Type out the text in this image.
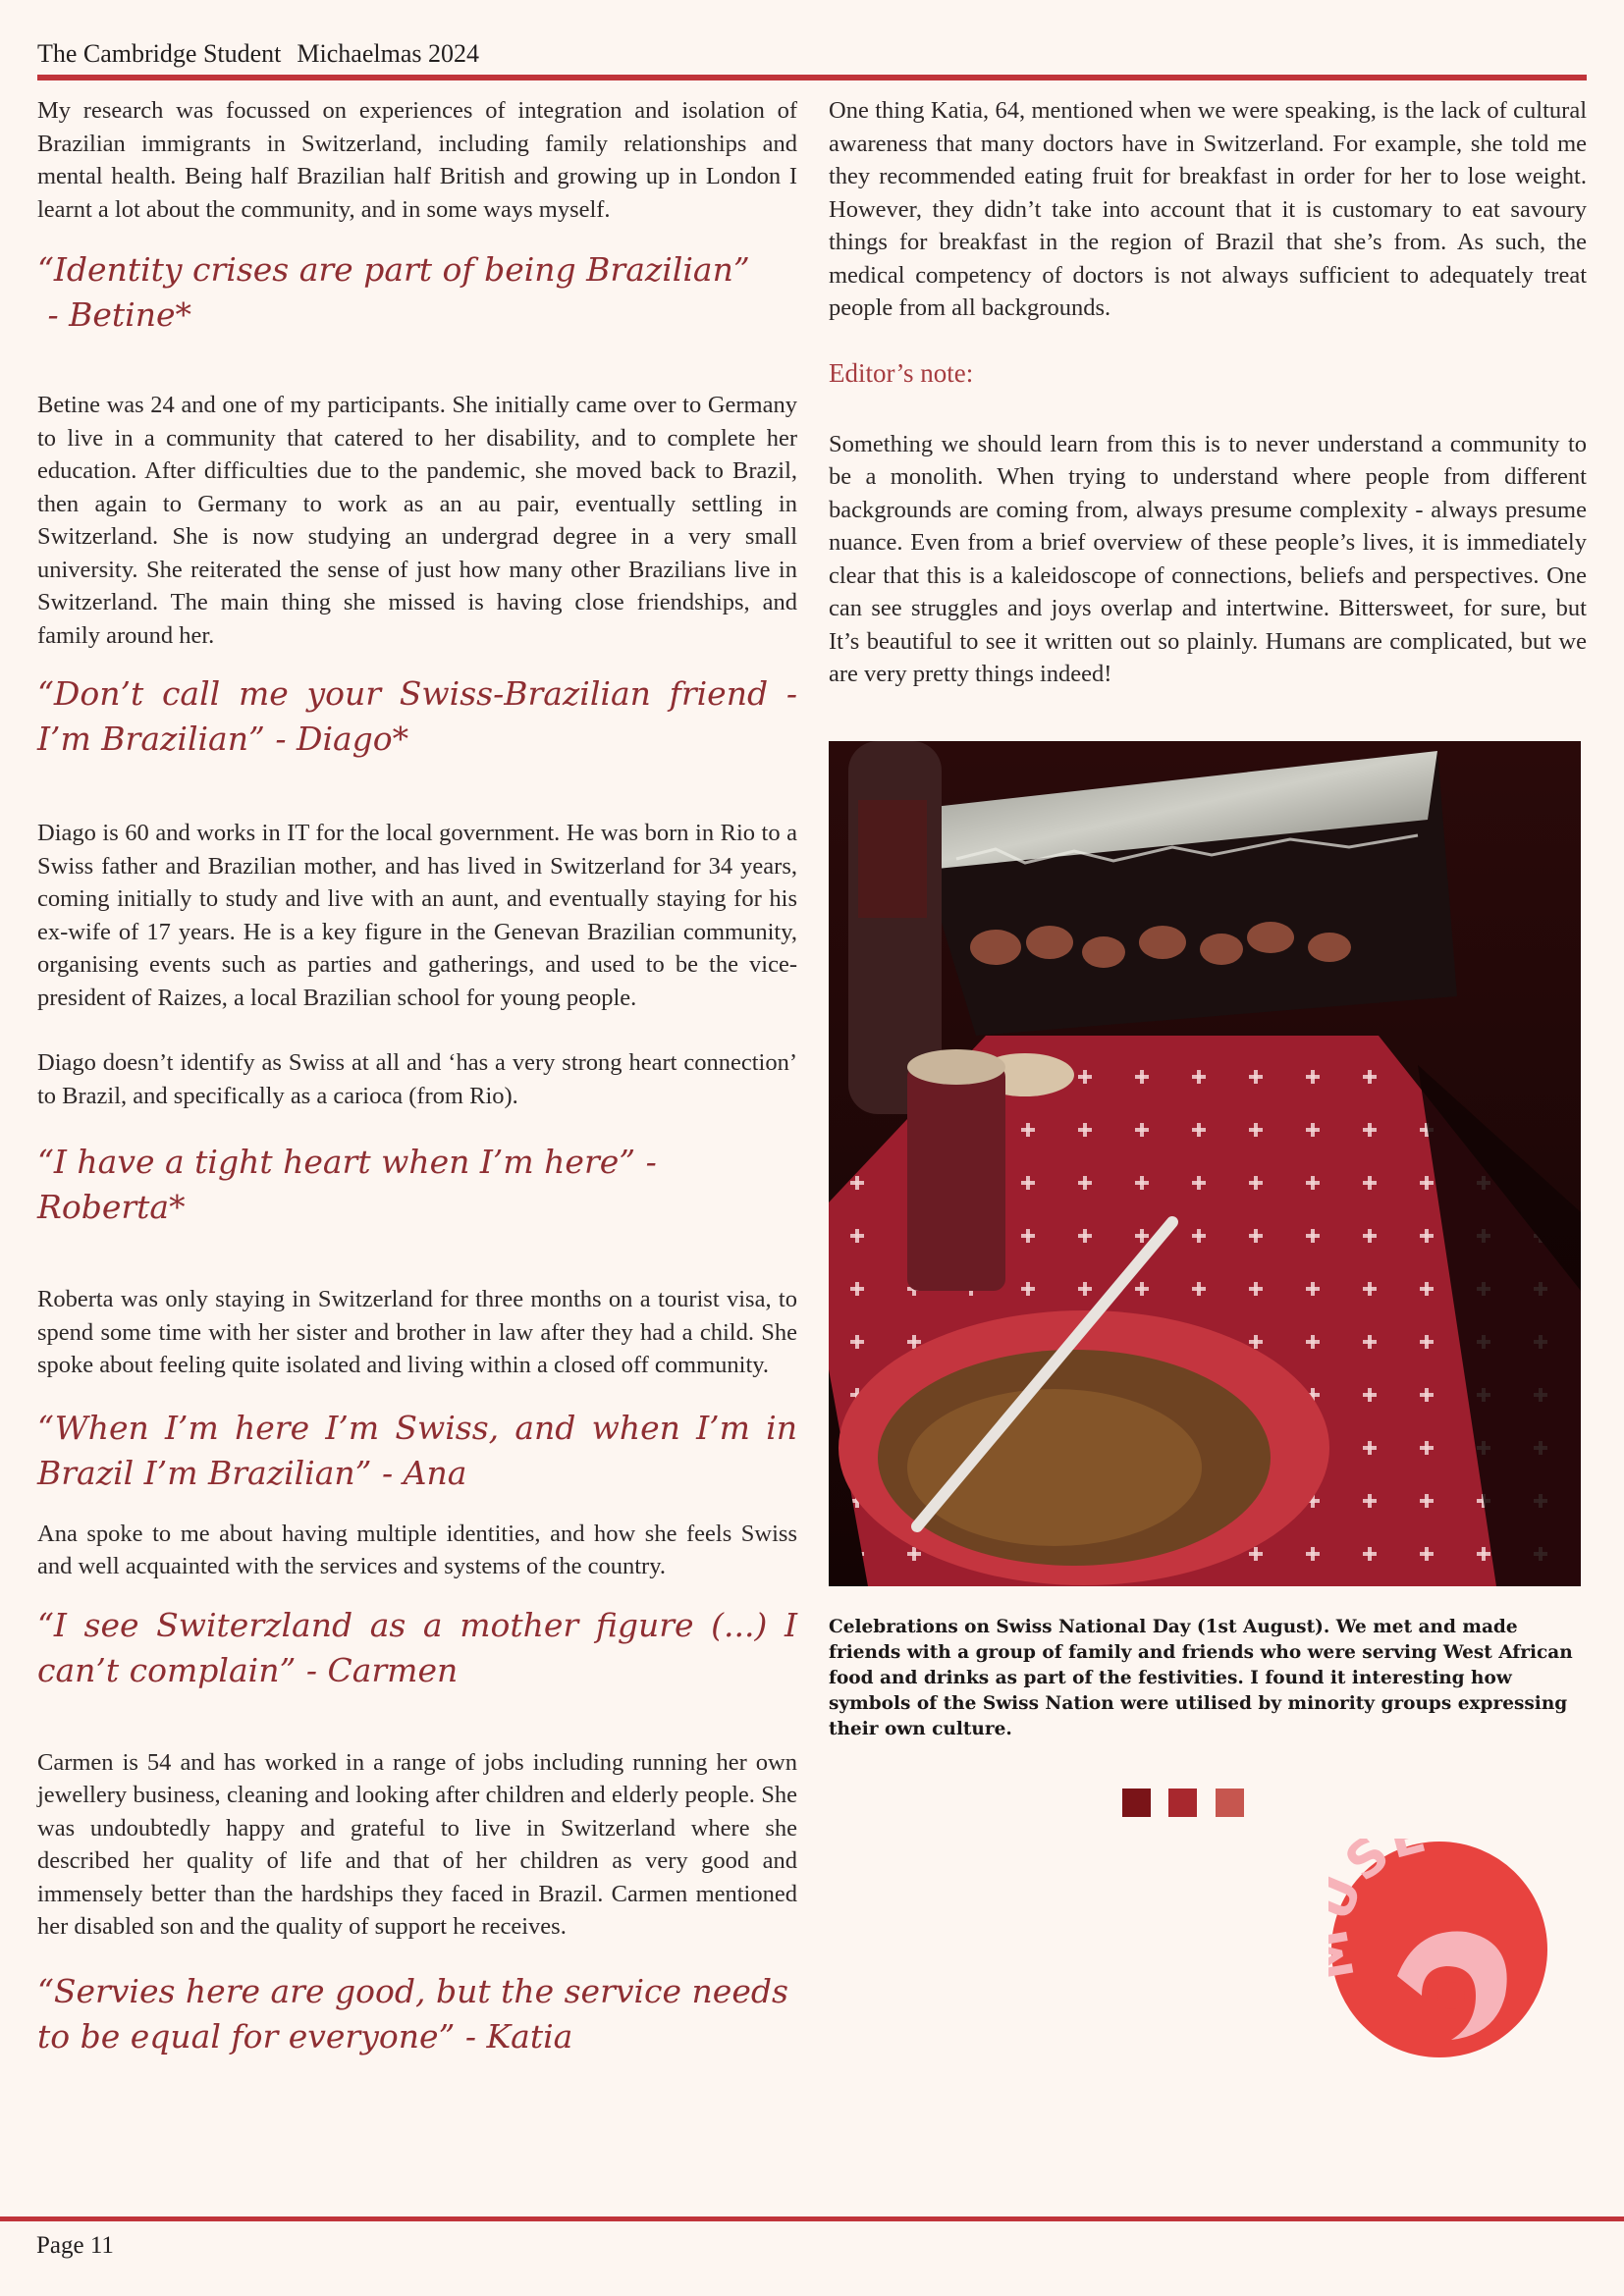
The Cambridge Student Michaelmas 2024

My research was focussed on experiences of integration and isolation of Brazilian immigrants in Switzerland, including family relationships and mental health. Being half Brazilian half British and growing up in London I learnt a lot about the community, and in some ways myself.

“Identity crises are part of being Brazilian”

- Betine*

Betine was 24 and one of my participants. She initially came over to Germany to live in a community that catered to her disability, and to complete her education. After difficulties due to the pandemic, she moved back to Brazil, then again to Germany to work as an au pair, eventually settling in Switzerland. She is now studying an undergrad degree in a very small university. She reiterated the sense of just how many other Brazilians live in Switzerland. The main thing she missed is having close friendships, and family around her.

“Don’t call me your Swiss-Brazilian friend - I’m Brazilian” - Diago*

Diago is 60 and works in IT for the local government. He was born in Rio to a Swiss father and Brazilian mother, and has lived in Switzerland for 34 years, coming initially to study and live with an aunt, and eventually staying for his ex-wife of 17 years. He is a key figure in the Genevan Brazilian community, organising events such as parties and gatherings, and used to be the vice-president of Raizes, a local Brazilian school for young people.

Diago doesn’t identify as Swiss at all and ‘has a very strong heart connection’ to Brazil, and specifically as a carioca (from Rio).

“I have a tight heart when I’m here” - Roberta*

Roberta was only staying in Switzerland for three months on a tourist visa, to spend some time with her sister and brother in law after they had a child. She spoke about feeling quite isolated and living within a closed off community.

“When I’m here I’m Swiss, and when I’m in Brazil I’m Brazilian” - Ana

Ana spoke to me about having multiple identities, and how she feels Swiss and well acquainted with the services and systems of the country.

“I see Switerzland as a mother figure (...) I can’t complain” - Carmen

Carmen is 54 and has worked in a range of jobs including running her own jewellery business, cleaning and looking after children and elderly people. She was undoubtedly happy and grateful to live in Switzerland where she described her quality of life and that of her children as very good and immensely better than the hardships they faced in Brazil. Carmen mentioned her disabled son and the quality of support he receives.

“Servies here are good, but the service needs to be equal for everyone” - Katia

One thing Katia, 64, mentioned when we were speaking, is the lack of cultural awareness that many doctors have in Switzerland. For example, she told me they recommended eating fruit for breakfast in order for her to lose weight. However, they didn’t take into account that it is customary to eat savoury things for breakfast in the region of Brazil that she’s from. As such, the medical competency of doctors is not always sufficient to adequately treat people from all backgrounds.

Editor’s note:

Something we should learn from this is to never understand a community to be a monolith. When trying to understand where people from different backgrounds are coming from, always presume complexity - always presume nuance. Even from a brief overview of these people’s lives, it is immediately clear that this is a kaleidoscope of connections, beliefs and perspectives. One can see struggles and joys overlap and intertwine. Bittersweet, for sure, but It’s beautiful to see it written out so plainly. Humans are complicated, but we are very pretty things indeed!

Celebrations on Swiss National Day (1st August). We met and made friends with a group of family and friends who were serving West African food and drinks as part of the festivities. I found it interesting how symbols of the Swiss Nation were utilised by minority groups expressing their own culture.

S
Page 11
